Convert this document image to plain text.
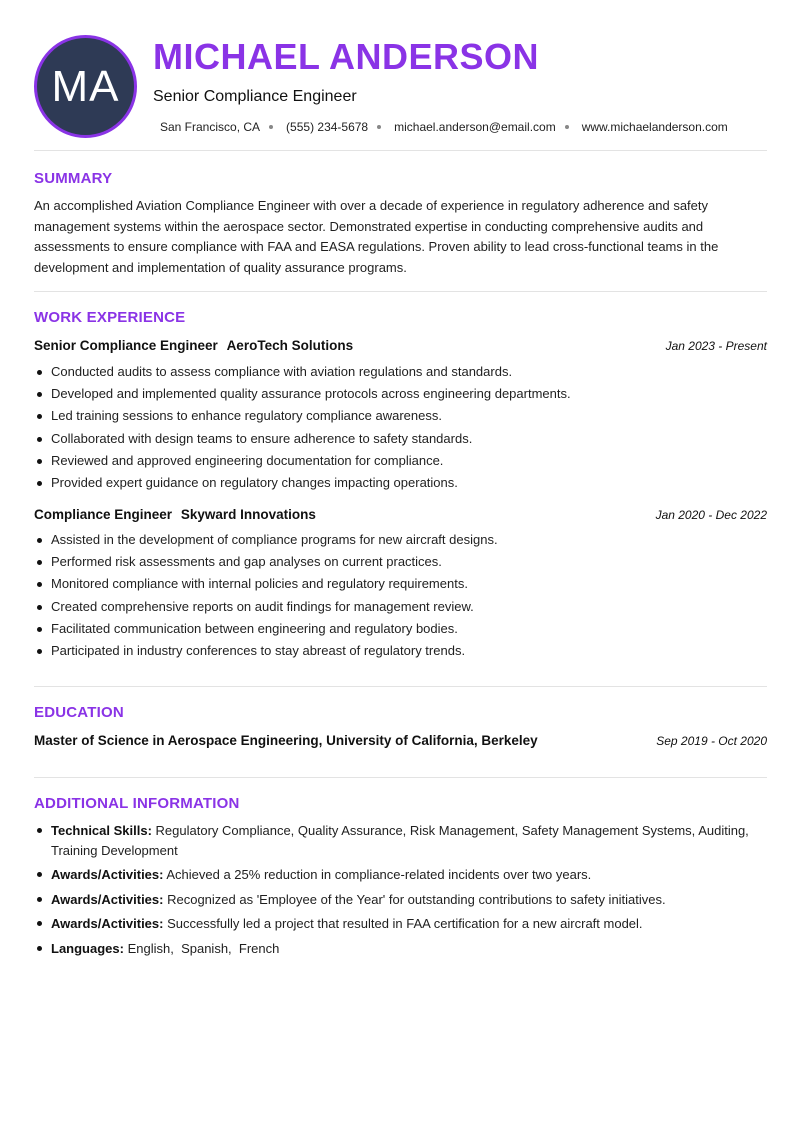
MA
MICHAEL ANDERSON
Senior Compliance Engineer
San Francisco, CA (555) 234-5678 michael.anderson@email.com www.michaelanderson.com
SUMMARY
An accomplished Aviation Compliance Engineer with over a decade of experience in regulatory adherence and safety management systems within the aerospace sector. Demonstrated expertise in conducting comprehensive audits and assessments to ensure compliance with FAA and EASA regulations. Proven ability to lead cross-functional teams in the development and implementation of quality assurance programs.
WORK EXPERIENCE
Senior Compliance Engineer AeroTech Solutions	Jan 2023 - Present
Conducted audits to assess compliance with aviation regulations and standards.
Developed and implemented quality assurance protocols across engineering departments.
Led training sessions to enhance regulatory compliance awareness.
Collaborated with design teams to ensure adherence to safety standards.
Reviewed and approved engineering documentation for compliance.
Provided expert guidance on regulatory changes impacting operations.
Compliance Engineer Skyward Innovations	Jan 2020 - Dec 2022
Assisted in the development of compliance programs for new aircraft designs.
Performed risk assessments and gap analyses on current practices.
Monitored compliance with internal policies and regulatory requirements.
Created comprehensive reports on audit findings for management review.
Facilitated communication between engineering and regulatory bodies.
Participated in industry conferences to stay abreast of regulatory trends.
EDUCATION
Master of Science in Aerospace Engineering, University of California, Berkeley	Sep 2019 - Oct 2020
ADDITIONAL INFORMATION
Technical Skills: Regulatory Compliance, Quality Assurance, Risk Management, Safety Management Systems, Auditing, Training Development
Awards/Activities: Achieved a 25% reduction in compliance-related incidents over two years.
Awards/Activities: Recognized as 'Employee of the Year' for outstanding contributions to safety initiatives.
Awards/Activities: Successfully led a project that resulted in FAA certification for a new aircraft model.
Languages: English,  Spanish,  French
